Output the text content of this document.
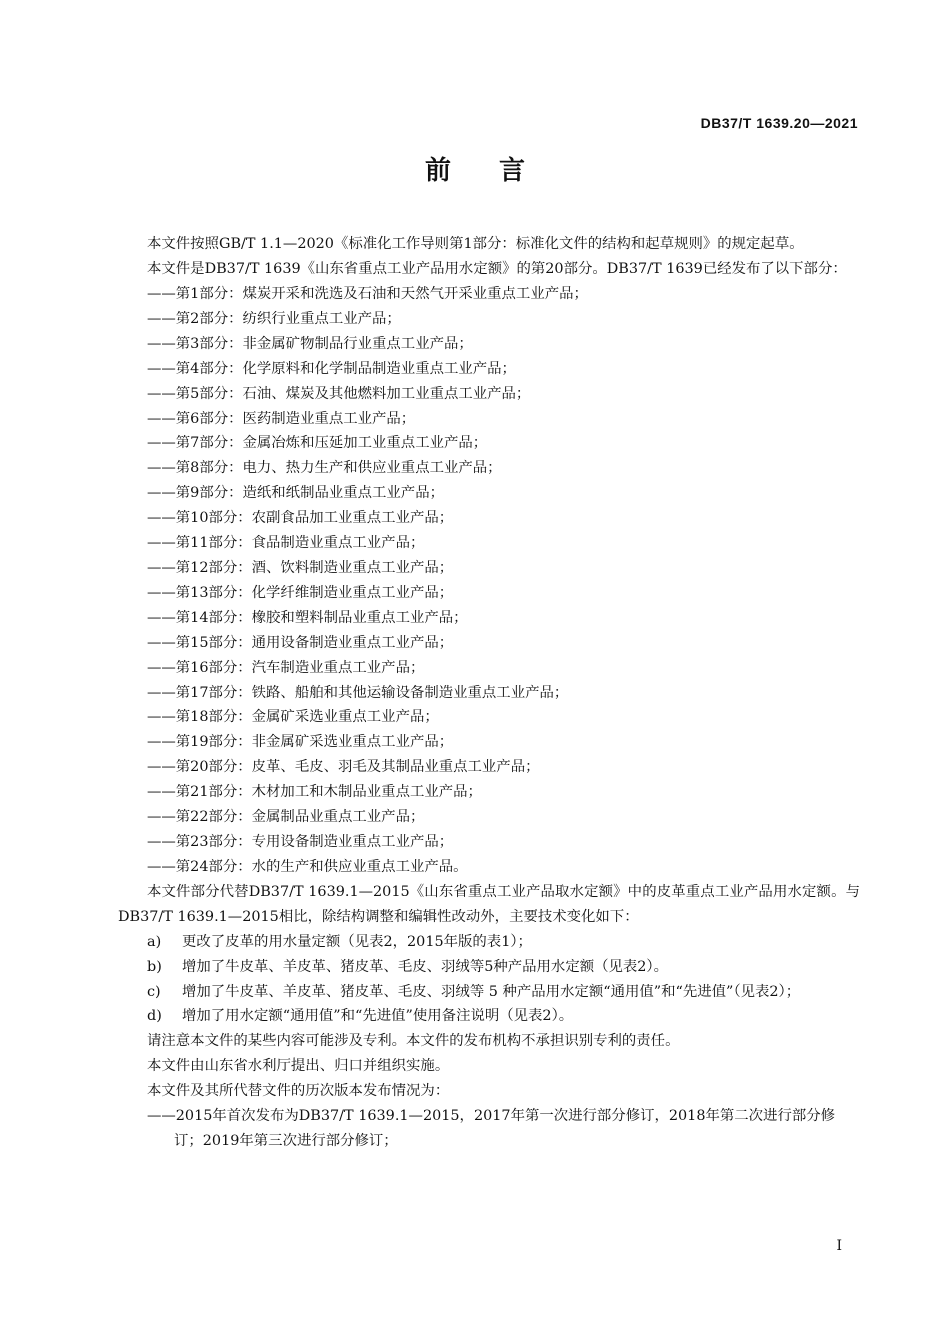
DB37/T 1639.20—2021
前言

本文件按照GB/T 1.1—2020《标准化工作导则第1部分：标准化文件的结构和起草规则》的规定起草。

本文件是DB37/T 1639《山东省重点工业产品用水定额》的第20部分。DB37/T 1639已经发布了以下部分：

——第1部分：煤炭开采和洗选及石油和天然气开采业重点工业产品；

——第2部分：纺织行业重点工业产品；

——第3部分：非金属矿物制品行业重点工业产品；

——第4部分：化学原料和化学制品制造业重点工业产品；

——第5部分：石油、煤炭及其他燃料加工业重点工业产品；

——第6部分：医药制造业重点工业产品；

——第7部分：金属冶炼和压延加工业重点工业产品；

——第8部分：电力、热力生产和供应业重点工业产品；

——第9部分：造纸和纸制品业重点工业产品；

——第10部分：农副食品加工业重点工业产品；

——第11部分：食品制造业重点工业产品；

——第12部分：酒、饮料制造业重点工业产品；

——第13部分：化学纤维制造业重点工业产品；

——第14部分：橡胶和塑料制品业重点工业产品；

——第15部分：通用设备制造业重点工业产品；

——第16部分：汽车制造业重点工业产品；

——第17部分：铁路、船舶和其他运输设备制造业重点工业产品；

——第18部分：金属矿采选业重点工业产品；

——第19部分：非金属矿采选业重点工业产品；

——第20部分：皮革、毛皮、羽毛及其制品业重点工业产品；

——第21部分：木材加工和木制品业重点工业产品；

——第22部分：金属制品业重点工业产品；

——第23部分：专用设备制造业重点工业产品；

——第24部分：水的生产和供应业重点工业产品。

本文件部分代替DB37/T 1639.1—2015《山东省重点工业产品取水定额》中的皮革重点工业产品用水定额。与DB37/T 1639.1—2015相比，除结构调整和编辑性改动外，主要技术变化如下：

a) 更改了皮革的用水量定额（见表2，2015年版的表1）；

b) 增加了牛皮革、羊皮革、猪皮革、毛皮、羽绒等5种产品用水定额（见表2）。

c) 增加了牛皮革、羊皮革、猪皮革、毛皮、羽绒等 5 种产品用水定额“通用值”和“先进值”（见表2）；

d) 增加了用水定额“通用值”和“先进值”使用备注说明（见表2）。

请注意本文件的某些内容可能涉及专利。本文件的发布机构不承担识别专利的责任。

本文件由山东省水利厅提出、归口并组织实施。

本文件及其所代替文件的历次版本发布情况为：

——2015年首次发布为DB37/T 1639.1—2015，2017年第一次进行部分修订，2018年第二次进行部分修订；2019年第三次进行部分修订；

I
